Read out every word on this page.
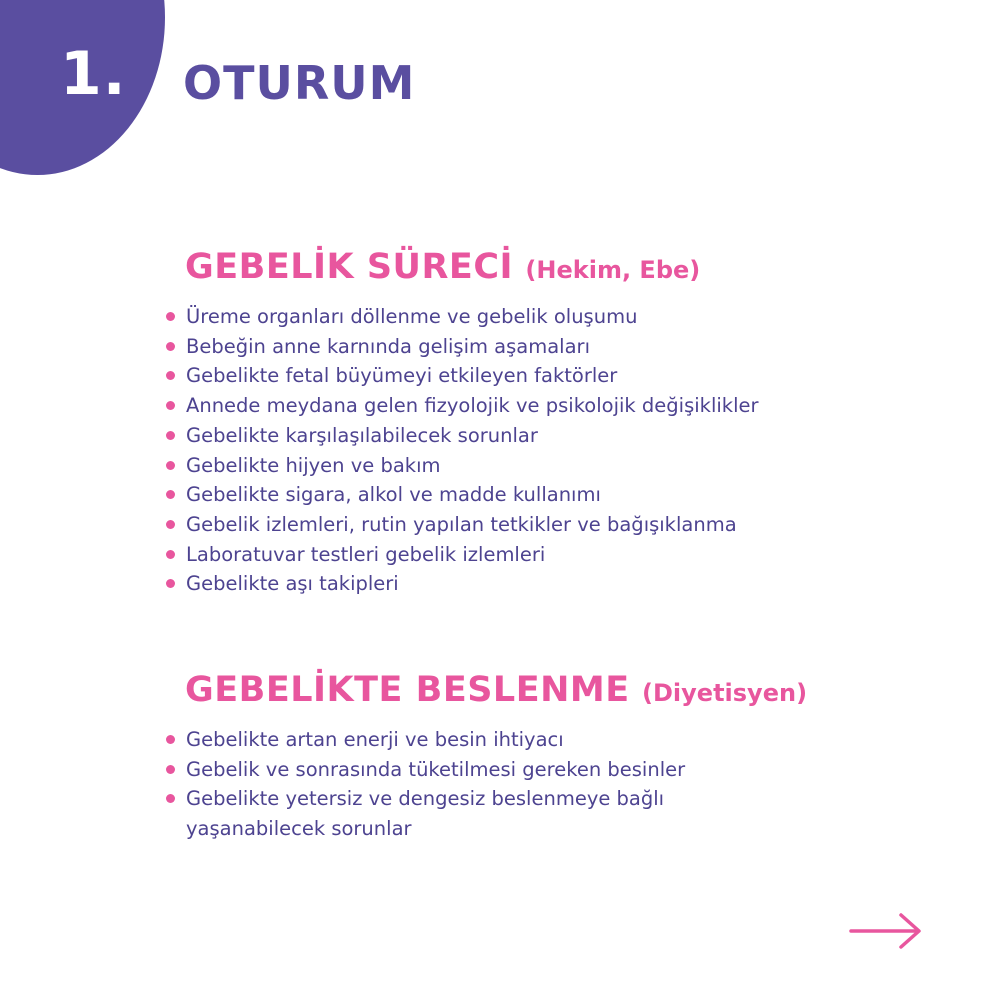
1. OTURUM
GEBELİK SÜRECİ (Hekim, Ebe)
Üreme organları döllenme ve gebelik oluşumu
Bebeğin anne karnında gelişim aşamaları
Gebelikte fetal büyümeyi etkileyen faktörler
Annede meydana gelen fizyolojik ve psikolojik değişiklikler
Gebelikte karşılaşılabilecek sorunlar
Gebelikte hijyen ve bakım
Gebelikte sigara, alkol ve madde kullanımı
Gebelik izlemleri, rutin yapılan tetkikler ve bağışıklanma
Laboratuvar testleri gebelik izlemleri
Gebelikte aşı takipleri
GEBELİKTE BESLENME (Diyetisyen)
Gebelikte artan enerji ve besin ihtiyacı
Gebelik ve sonrasında tüketilmesi gereken besinler
Gebelikte yetersiz ve dengesiz beslenmeye bağlı yaşanabilecek sorunlar
